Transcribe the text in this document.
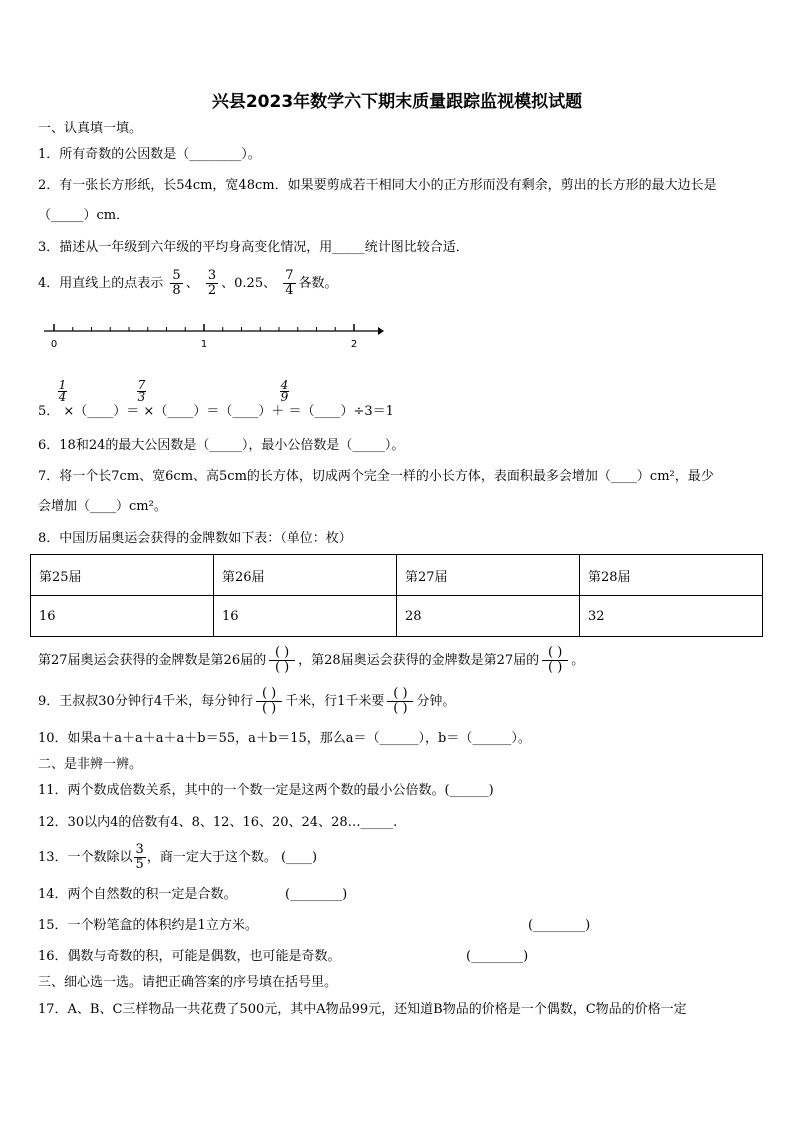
兴县2023年数学六下期末质量跟踪监视模拟试题
一、认真填一填。
1．所有奇数的公因数是（________）。
2．有一张长方形纸，长54cm，宽48cm．如果要剪成若干相同大小的正方形而没有剩余，剪出的长方形的最大边长是
（_____）cm．
3．描述从一年级到六年级的平均身高变化情况，用_____统计图比较合适．
4．用直线上的点表示 $\frac{5}{8}$ 、 $\frac{3}{2}$ 、0.25、 $\frac{7}{4}$ 各数。
0	1	2
1
4
7
3
4
9
5． ×（____）＝ ×（____）＝（____）＋ ＝（____）÷3＝1
6．18和24的最大公因数是（_____），最小公倍数是（_____）。
7．将一个长7cm、宽6cm、高5cm的长方体，切成两个完全一样的小长方体，表面积最多会增加（____）cm²，最少
会增加（____）cm²。
8．中国历届奥运会获得的金牌数如下表：（单位：枚）
第25届	第26届	第27届	第28届
16	16	28	32
第27届奥运会获得的金牌数是第26届的 $\frac{( )}{( )}$ ，第28届奥运会获得的金牌数是第27届的 $\frac{( )}{( )}$ 。
9．王叔叔30分钟行4千米，每分钟行 $\frac{( )}{( )}$ 千米，行1千米要 $\frac{( )}{( )}$ 分钟。
10．如果a＋a＋a＋a＋a＋b＝55，a＋b＝15，那么a＝（______），b＝（______）。
二、是非辨一辨。
11．两个数成倍数关系，其中的一个数一定是这两个数的最小公倍数。(______)
12．30以内4的倍数有4、8、12、16、20、24、28…_____.
13．一个数除以 $\frac{3}{5}$ ，商一定大于这个数。 (____)
14．两个自然数的积一定是合数。	(________)
15．一个粉笔盒的体积约是1立方米。	(________)
16．偶数与奇数的积，可能是偶数，也可能是奇数。	(________)
三、细心选一选。请把正确答案的序号填在括号里。
17．A、B、C三样物品一共花费了500元，其中A物品99元，还知道B物品的价格是一个偶数，C物品的价格一定
